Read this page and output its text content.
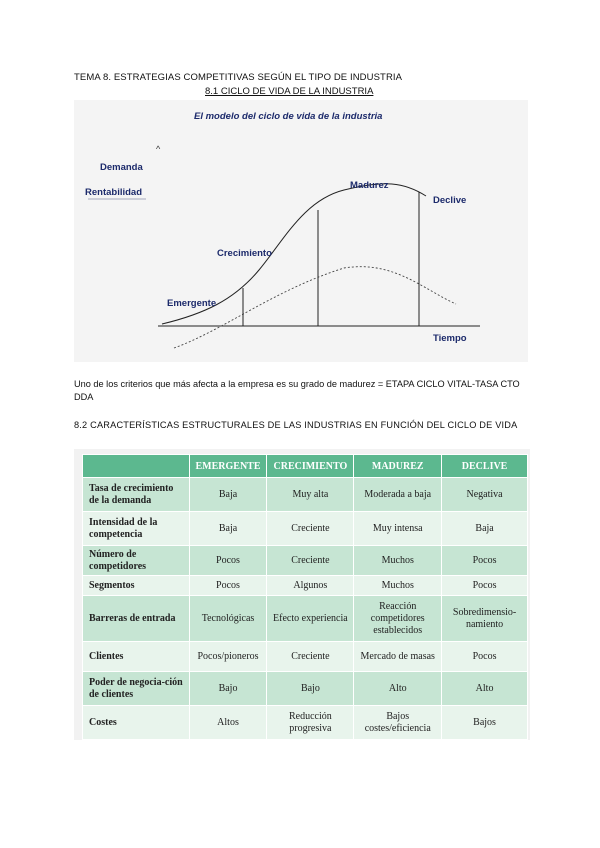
TEMA 8. ESTRATEGIAS COMPETITIVAS SEGÚN EL TIPO DE INDUSTRIA
8.1 CICLO DE VIDA DE LA INDUSTRIA
El modelo del ciclo de vida de la industria
^
Demanda
Rentabilidad
Emergente
Crecimiento
Madurez
Declive
Tiempo
Uno de los criterios que más afecta a la empresa es su grado de madurez = ETAPA CICLO VITAL-TASA CTO DDA
8.2 CARACTERÍSTICAS ESTRUCTURALES DE LAS INDUSTRIAS EN FUNCIÓN DEL CICLO DE VIDA
	EMERGENTE	CRECIMIENTO	MADUREZ	DECLIVE
Tasa de crecimiento de la demanda	Baja	Muy alta	Moderada a baja	Negativa
Intensidad de la competencia	Baja	Creciente	Muy intensa	Baja
Número de competidores	Pocos	Creciente	Muchos	Pocos
Segmentos	Pocos	Algunos	Muchos	Pocos
Barreras de entrada	Tecnológicas	Efecto experiencia	Reacción competidores establecidos	Sobredimensio-namiento
Clientes	Pocos/pioneros	Creciente	Mercado de masas	Pocos
Poder de negocia-ción de clientes	Bajo	Bajo	Alto	Alto
Costes	Altos	Reducción progresiva	Bajos costes/eficiencia	Bajos
